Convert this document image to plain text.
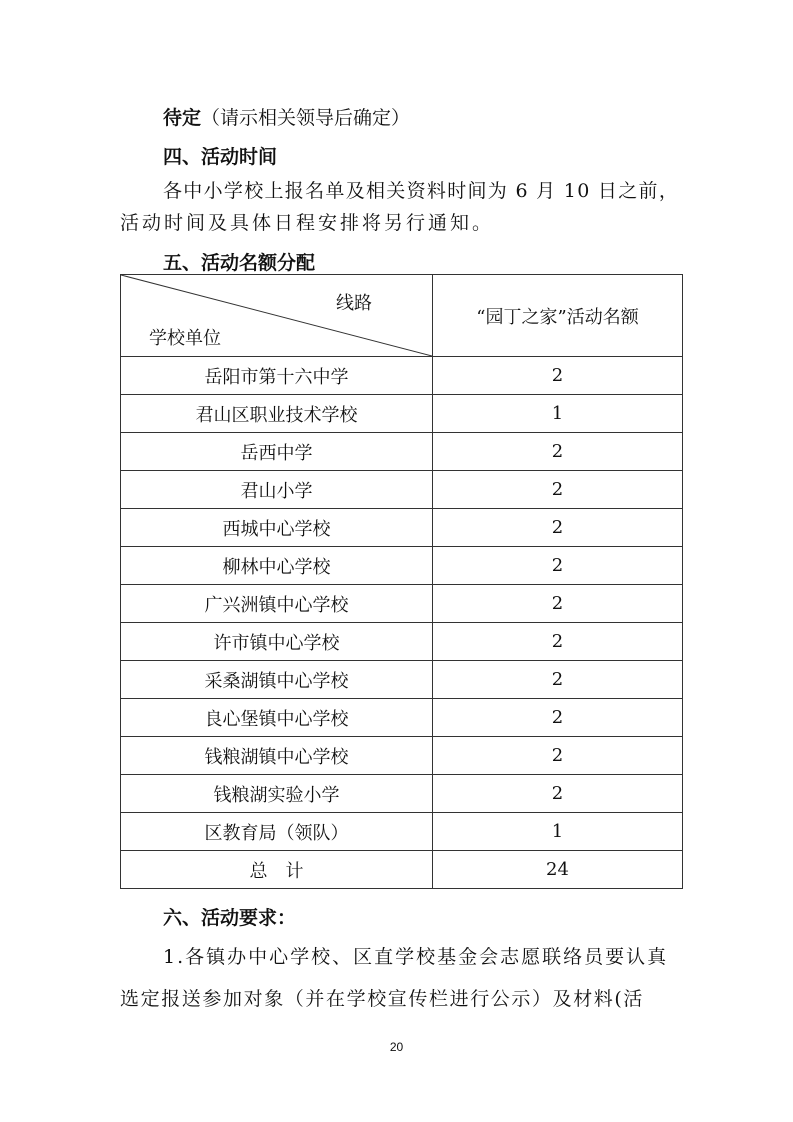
待定（请示相关领导后确定）
四、活动时间
各中小学校上报名单及相关资料时间为 6 月 10 日之前，
活动时间及具体日程安排将另行通知。
五、活动名额分配
线路
学校单位	“园丁之家”活动名额
岳阳市第十六中学	2
君山区职业技术学校	1
岳西中学	2
君山小学	2
西城中心学校	2
柳林中心学校	2
广兴洲镇中心学校	2
许市镇中心学校	2
采桑湖镇中心学校	2
良心堡镇中心学校	2
钱粮湖镇中心学校	2
钱粮湖实验小学	2
区教育局（领队）	1
总　计	24
六、活动要求：
1.各镇办中心学校、区直学校基金会志愿联络员要认真
选定报送参加对象（并在学校宣传栏进行公示）及材料(活
20
